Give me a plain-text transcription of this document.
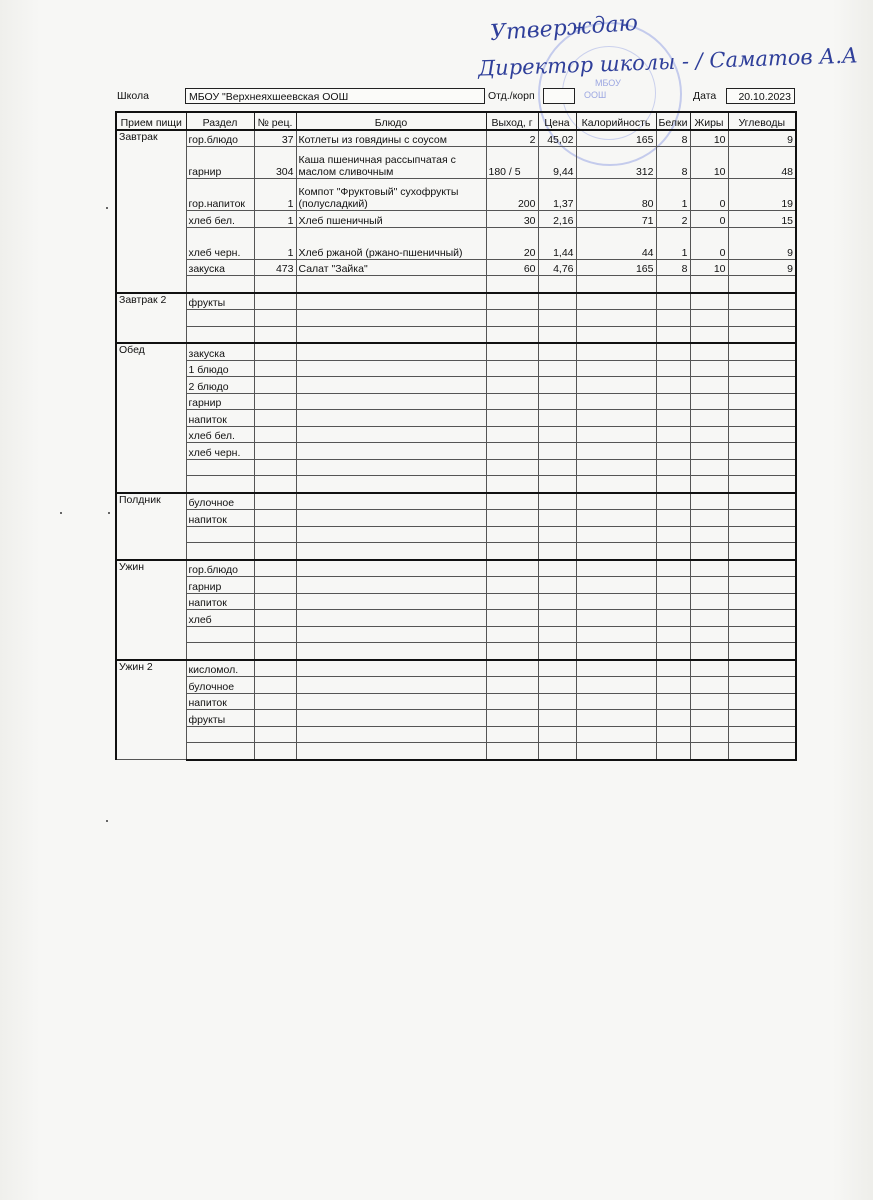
МБОУ
ООШ
Утверждаю
Директор школы - / Саматов А.А
Школа	МБОУ "Верхнеяхшеевская ООШ	Отд./корп	Дата	20.10.2023
Прием пищи	Раздел	№ рец.	Блюдо	Выход, г	Цена	Калорийность	Белки	Жиры	Углеводы
Завтрак	гор.блюдо	37	Котлеты из говядины с соусом	2	45,02	165	8	10	9
	гарнир	304	Каша пшеничная рассыпчатая с маслом сливочным	180 / 5	9,44	312	8	10	48
	гор.напиток	1	Компот "Фруктовый" сухофрукты (полусладкий)	200	1,37	80	1	0	19
	хлеб бел.	1	Хлеб пшеничный	30	2,16	71	2	0	15
	хлеб черн.	1	Хлеб ржаной (ржано-пшеничный)	20	1,44	44	1	0	9
	закуска	473	Салат "Зайка"	60	4,76	165	8	10	9

Завтрак 2	фрукты								

Обед	закуска								
	1 блюдо								
	2 блюдо								
	гарнир								
	напиток								
	хлеб бел.								
	хлеб черн.								

Полдник	булочное								
	напиток								

Ужин	гор.блюдо								
	гарнир								
	напиток								
	хлеб								

Ужин 2	кисломол.								
	булочное								
	напиток								
	фрукты								
